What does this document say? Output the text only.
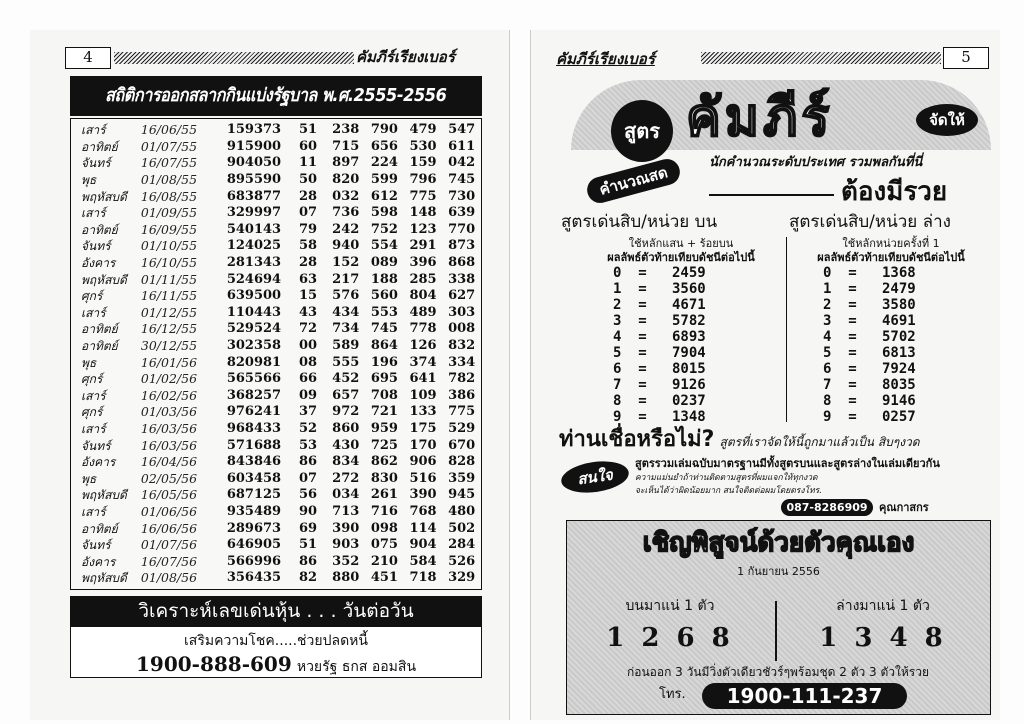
4	คัมภีร์เรียงเบอร์
สถิติการออกสลากกินแบ่งรัฐบาล พ.ศ.2555-2556
เสาร์	16/06/55	159373	51	238 790 479 547
อาทิตย์	01/07/55	915900	60	715 656 530 611
จันทร์	16/07/55	904050	11	897 224 159 042
พุธ	01/08/55	895590	50	820 599 796 745
พฤหัสบดี	16/08/55	683877	28	032 612 775 730
เสาร์	01/09/55	329997	07	736 598 148 639
อาทิตย์	16/09/55	540143	79	242 752 123 770
จันทร์	01/10/55	124025	58	940 554 291 873
อังคาร	16/10/55	281343	28	152 089 396 868
พฤหัสบดี	01/11/55	524694	63	217 188 285 338
ศุกร์	16/11/55	639500	15	576 560 804 627
เสาร์	01/12/55	110443	43	434 553 489 303
อาทิตย์	16/12/55	529524	72	734 745 778 008
อาทิตย์	30/12/55	302358	00	589 864 126 832
พุธ	16/01/56	820981	08	555 196 374 334
ศุกร์	01/02/56	565566	66	452 695 641 782
เสาร์	16/02/56	368257	09	657 708 109 386
ศุกร์	01/03/56	976241	37	972 721 133 775
เสาร์	16/03/56	968433	52	860 959 175 529
จันทร์	16/03/56	571688	53	430 725 170 670
อังคาร	16/04/56	843846	86	834 862 906 828
พุธ	02/05/56	603458	07	272 830 516 359
พฤหัสบดี	16/05/56	687125	56	034 261 390 945
เสาร์	01/06/56	935489	90	713 716 768 480
อาทิตย์	16/06/56	289673	69	390 098 114 502
จันทร์	01/07/56	646905	51	903 075 904 284
อังคาร	16/07/56	566996	86	352 210 584 526
พฤหัสบดี	01/08/56	356435	82	880 451 718 329
วิเคราะห์เลขเด่นหุ้น . . . วันต่อวัน
เสริมความโชค.....ช่วยปลดหนี้
1900-888-609 หวยรัฐ ธกส ออมสิน
คัมภีร์เรียงเบอร์	5
สูตร
คำนวณสด
คัมภีร์	จัดให้
นักคำนวณระดับประเทศ รวมพลกันที่นี่
ต้องมีรวย
สูตรเด่นสิบ/หน่วย บน	สูตรเด่นสิบ/หน่วย ล่าง
ใช้หลักแสน + ร้อยบน
ผลลัพธ์ตัวท้ายเทียบดัชนีต่อไปนี้
0  =   2459
1  =   3560
2  =   4671
3  =   5782
4  =   6893
5  =   7904
6  =   8015
7  =   9126
8  =   0237
9  =   1348
ใช้หลักหน่วยครั้งที่ 1
ผลลัพธ์ตัวท้ายเทียบดัชนีต่อไปนี้
0  =   1368
1  =   2479
2  =   3580
3  =   4691
4  =   5702
5  =   6813
6  =   7924
7  =   8035
8  =   9146
9  =   0257
ท่านเชื่อหรือไม่? สูตรที่เราจัดให้นี้ถูกมาแล้วเป็น สิบๆงวด
สนใจ
สูตรรวมเล่มฉบับมาตรฐานมีทั้งสูตรบนและสูตรล่างในเล่มเดียวกัน
ความแม่นยำถ้าท่านติดตามสูตรที่ผมแจกให้ทุกงวด
จะเห็นได้ว่าผิดน้อยมาก สนใจติดต่อผมโดยตรงโทร.
087-8286909	คุณกาสกร
เชิญพิสูจน์ด้วยตัวคุณเอง
1 กันยายน 2556
บนมาแน่ 1 ตัว
1 2 6 8
ล่างมาแน่ 1 ตัว
1 3 4 8
ก่อนออก 3 วันมีวิ่งตัวเดียวชัวร์ๆพร้อมชุด 2 ตัว 3 ตัวให้รวย
โทร.	1900-111-237
